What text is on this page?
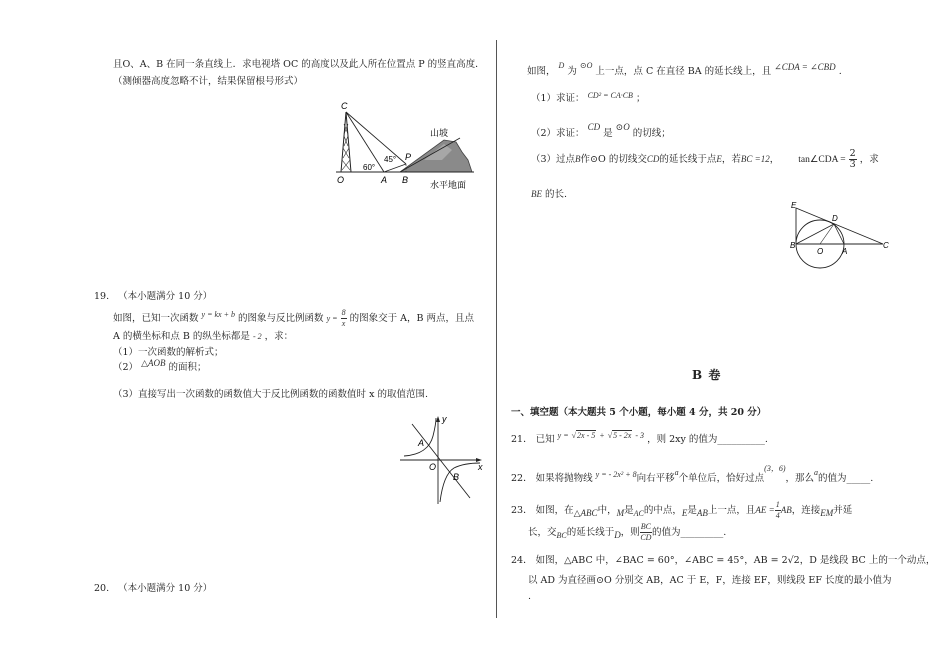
且O、A、B 在同一条直线上．求电视塔 OC 的高度以及此人所在位置点 P 的竖直高度．
（测倾器高度忽略不计，结果保留根号形式）
C
O	A B
P
60°
45°
山坡
水平地面
19. （本小题满分 10 分）
如图，已知一次函数 $^{y = kx + b}$ 的图象与反比例函数 $y = \frac{8}{x}$ 的图象交于 A，B 两点，且点
A 的横坐标和点 B 的纵坐标都是 - 2 ，求：
（1）一次函数的解析式；
（2） △AOB 的面积；
（3）直接写出一次函数的函数值大于反比例函数的函数值时 x 的取值范围.
y
x
A
O
B
20. （本小题满分 10 分）
如图， $^D$ 为 $^{⊙O}$ 上一点，点 C 在直径 BA 的延长线上，且 ∠CDA = ∠CBD .
（1）求证： $^{CD^2 = CA\cdot CB}$ ；
（2）求证： CD 是 ⊙O 的切线；
（3）过点B作⊙O 的切线交CD的延长线于点E，若BC =12， tan∠CDA = $\frac{2}{3}$ ，求
BE 的长.
E
D
B
O A
C
B 卷
一、填空题（本大题共 5 个小题，每小题 4 分，共 20 分）
21． 已知 $^{y =}$ $^{√2x - 5}$ + $^{√5 - 2x}$ $^{- 3}$ ，则 2xy 的值为__________.
22． 如果将抛物线 $^{y = - 2x^2 + 8}$向右平移$^a$个单位后，恰好过点$^{(3,6)}$，那么$^a$的值为_____.
23． 如图，在△ABC中，M是$_{AC}$的中点，E是AB上一点，且AE = $\frac{1}{4}$ AB，连接EM并延
长，交$_{BC}$的延长线于D，则 $\frac{BC}{CD}$ 的值为_________.
24． 如图，△ABC 中，∠BAC = 60°，∠ABC = 45°，AB = 2√2，D 是线段 BC 上的一个动点，
以 AD 为直径画⊙O 分别交 AB，AC 于 E，F，连接 EF，则线段 EF 长度的最小值为
.
